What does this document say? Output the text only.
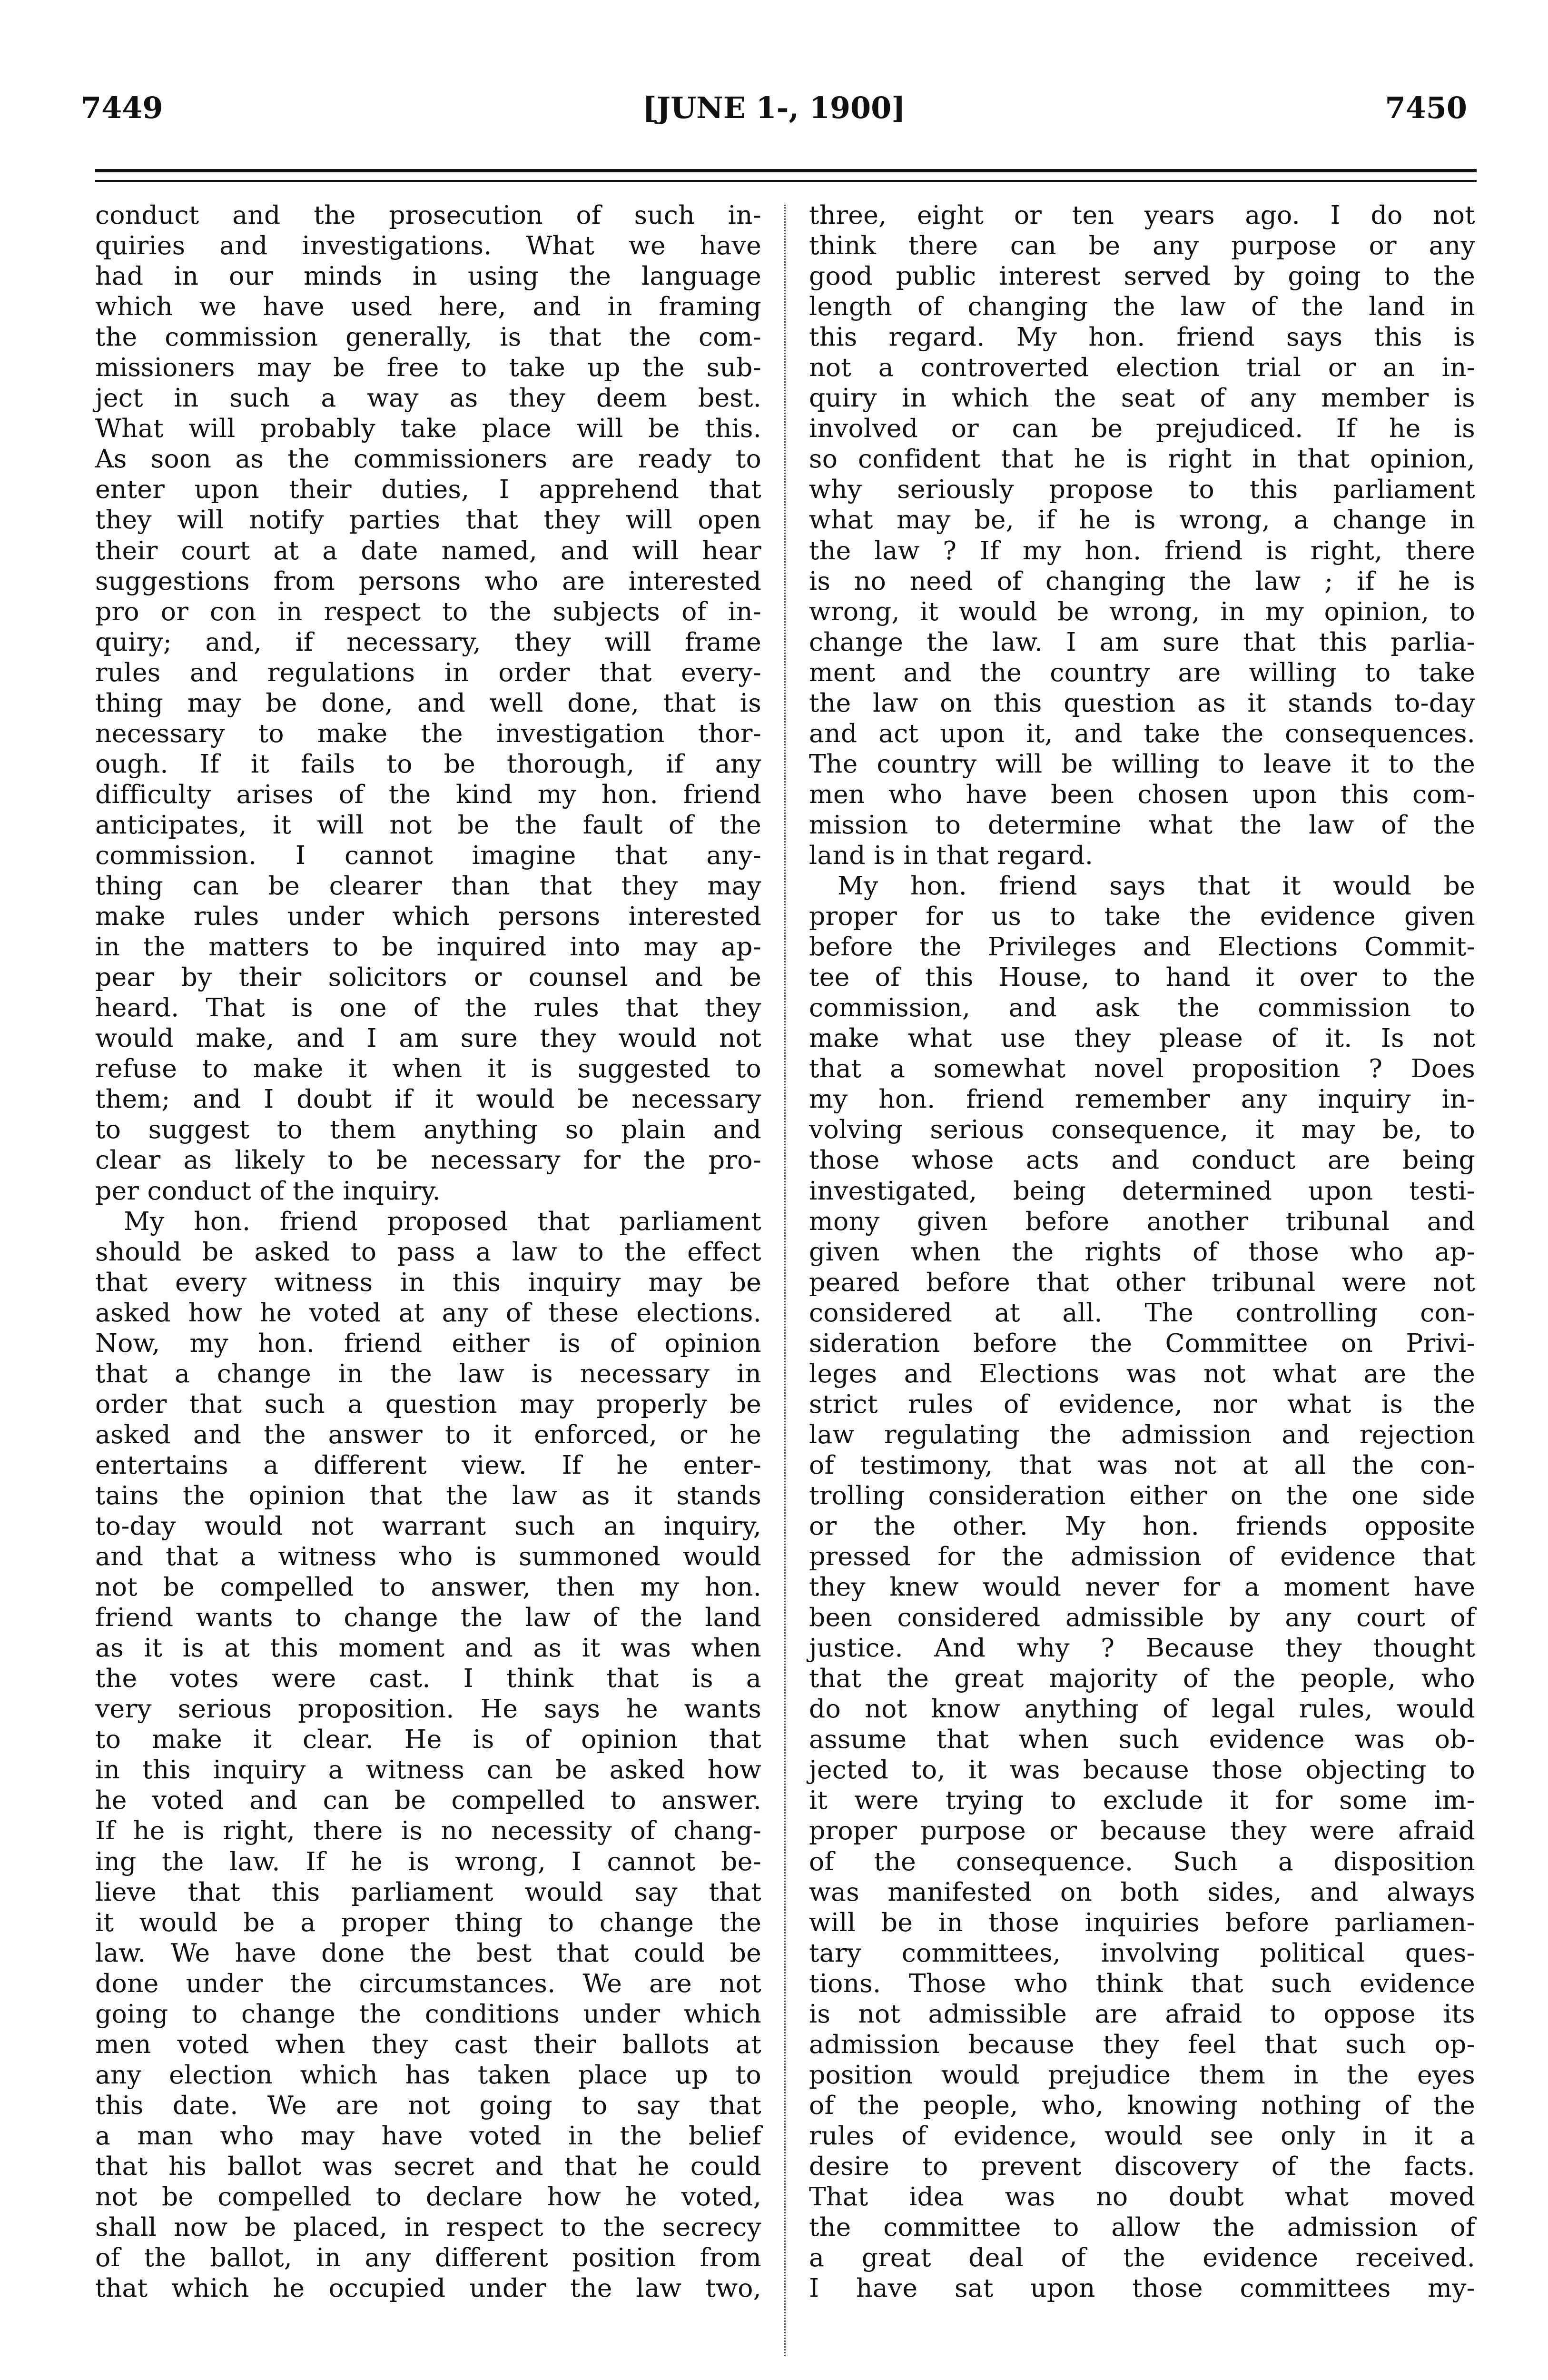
7449	[JUNE 1-, 1900]	7450
conduct and the prosecution of such in-
quiries and investigations. What we have
had in our minds in using the language
which we have used here, and in framing
the commission generally, is that the com-
missioners may be free to take up the sub-
ject in such a way as they deem best.
What will probably take place will be this.
As soon as the commissioners are ready to
enter upon their duties, I apprehend that
they will notify parties that they will open
their court at a date named, and will hear
suggestions from persons who are interested
pro or con in respect to the subjects of in-
quiry; and, if necessary, they will frame
rules and regulations in order that every-
thing may be done, and well done, that is
necessary to make the investigation thor-
ough. If it fails to be thorough, if any
difficulty arises of the kind my hon. friend
anticipates, it will not be the fault of the
commission. I cannot imagine that any-
thing can be clearer than that they may
make rules under which persons interested
in the matters to be inquired into may ap-
pear by their solicitors or counsel and be
heard. That is one of the rules that they
would make, and I am sure they would not
refuse to make it when it is suggested to
them; and I doubt if it would be necessary
to suggest to them anything so plain and
clear as likely to be necessary for the pro-
per conduct of the inquiry.
My hon. friend proposed that parliament
should be asked to pass a law to the effect
that every witness in this inquiry may be
asked how he voted at any of these elections.
Now, my hon. friend either is of opinion
that a change in the law is necessary in
order that such a question may properly be
asked and the answer to it enforced, or he
entertains a different view. If he enter-
tains the opinion that the law as it stands
to-day would not warrant such an inquiry,
and that a witness who is summoned would
not be compelled to answer, then my hon.
friend wants to change the law of the land
as it is at this moment and as it was when
the votes were cast. I think that is a
very serious proposition. He says he wants
to make it clear. He is of opinion that
in this inquiry a witness can be asked how
he voted and can be compelled to answer.
If he is right, there is no necessity of chang-
ing the law. If he is wrong, I cannot be-
lieve that this parliament would say that
it would be a proper thing to change the
law. We have done the best that could be
done under the circumstances. We are not
going to change the conditions under which
men voted when they cast their ballots at
any election which has taken place up to
this date. We are not going to say that
a man who may have voted in the belief
that his ballot was secret and that he could
not be compelled to declare how he voted,
shall now be placed, in respect to the secrecy
of the ballot, in any different position from
that which he occupied under the law two,
three, eight or ten years ago. I do not
think there can be any purpose or any
good public interest served by going to the
length of changing the law of the land in
this regard. My hon. friend says this is
not a controverted election trial or an in-
quiry in which the seat of any member is
involved or can be prejudiced. If he is
so confident that he is right in that opinion,
why seriously propose to this parliament
what may be, if he is wrong, a change in
the law ? If my hon. friend is right, there
is no need of changing the law ; if he is
wrong, it would be wrong, in my opinion, to
change the law. I am sure that this parlia-
ment and the country are willing to take
the law on this question as it stands to-day
and act upon it, and take the consequences.
The country will be willing to leave it to the
men who have been chosen upon this com-
mission to determine what the law of the
land is in that regard.
My hon. friend says that it would be
proper for us to take the evidence given
before the Privileges and Elections Commit-
tee of this House, to hand it over to the
commission, and ask the commission to
make what use they please of it. Is not
that a somewhat novel proposition ? Does
my hon. friend remember any inquiry in-
volving serious consequence, it may be, to
those whose acts and conduct are being
investigated, being determined upon testi-
mony given before another tribunal and
given when the rights of those who ap-
peared before that other tribunal were not
considered at all. The controlling con-
sideration before the Committee on Privi-
leges and Elections was not what are the
strict rules of evidence, nor what is the
law regulating the admission and rejection
of testimony, that was not at all the con-
trolling consideration either on the one side
or the other. My hon. friends opposite
pressed for the admission of evidence that
they knew would never for a moment have
been considered admissible by any court of
justice. And why ? Because they thought
that the great majority of the people, who
do not know anything of legal rules, would
assume that when such evidence was ob-
jected to, it was because those objecting to
it were trying to exclude it for some im-
proper purpose or because they were afraid
of the consequence. Such a disposition
was manifested on both sides, and always
will be in those inquiries before parliamen-
tary committees, involving political ques-
tions. Those who think that such evidence
is not admissible are afraid to oppose its
admission because they feel that such op-
position would prejudice them in the eyes
of the people, who, knowing nothing of the
rules of evidence, would see only in it a
desire to prevent discovery of the facts.
That idea was no doubt what moved
the committee to allow the admission of
a great deal of the evidence received.
I have sat upon those committees my-
